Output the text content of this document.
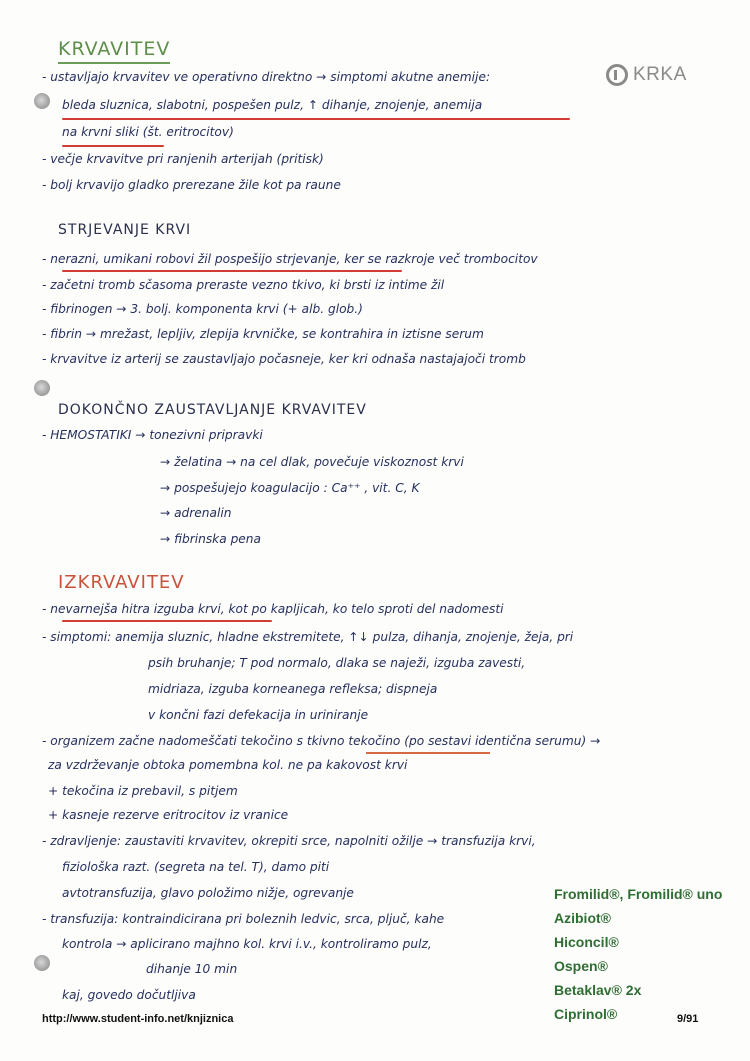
KRKA
KRVAVITEV
- ustavljajo krvavitev ve operativno direktno → simptomi akutne anemije:
bleda sluznica, slabotni, pospešen pulz, ↑ dihanje, znojenje, anemija
na krvni sliki (št. eritrocitov)
- večje krvavitve pri ranjenih arterijah (pritisk)
- bolj krvavijo gladko prerezane žile kot pa raune
STRJEVANJE KRVI
- nerazni, umikani robovi žil pospešijo strjevanje, ker se razkroje več trombocitov
- začetni tromb sčasoma preraste vezno tkivo, ki brsti iz intime žil
- fibrinogen → 3. bolj. komponenta krvi (+ alb. glob.)
- fibrin → mrežast, lepljiv, zlepija krvničke, se kontrahira in iztisne serum
- krvavitve iz arterij se zaustavljajo počasneje, ker kri odnaša nastajajoči tromb
DOKONČNO ZAUSTAVLJANJE KRVAVITEV
- HEMOSTATIKI → tonezivni pripravki
→ želatina → na cel dlak, povečuje viskoznost krvi
→ pospešujejo koagulacijo : Ca⁺⁺ , vit. C, K
→ adrenalin
→ fibrinska pena
IZKRVAVITEV
- nevarnejša hitra izguba krvi, kot po kapljicah, ko telo sproti del nadomesti
- simptomi: anemija sluznic, hladne ekstremitete, ↑↓ pulza, dihanja, znojenje, žeja, pri
psih bruhanje; T pod normalo, dlaka se naježi, izguba zavesti,
midriaza, izguba korneanega refleksa; dispneja
v končni fazi defekacija in uriniranje
- organizem začne nadomeščati tekočino s tkivno tekočino (po sestavi identična serumu) →
za vzdrževanje obtoka pomembna kol. ne pa kakovost krvi
+ tekočina iz prebavil, s pitjem
+ kasneje rezerve eritrocitov iz vranice
- zdravljenje: zaustaviti krvavitev, okrepiti srce, napolniti ožilje → transfuzija krvi,
fiziološka razt. (segreta na tel. T), damo piti
avtotransfuzija, glavo položimo nižje, ogrevanje
- transfuzija: kontraindicirana pri boleznih ledvic, srca, pljuč, kahe
kontrola → aplicirano majhno kol. krvi i.v., kontroliramo pulz,
dihanje 10 min
kaj, govedo dočutljiva
Fromilid®, Fromilid® uno
Azibiot®
Hiconcil®
Ospen®
Betaklav® 2x
Ciprinol®
http://www.student-info.net/knjiznica	9/91
